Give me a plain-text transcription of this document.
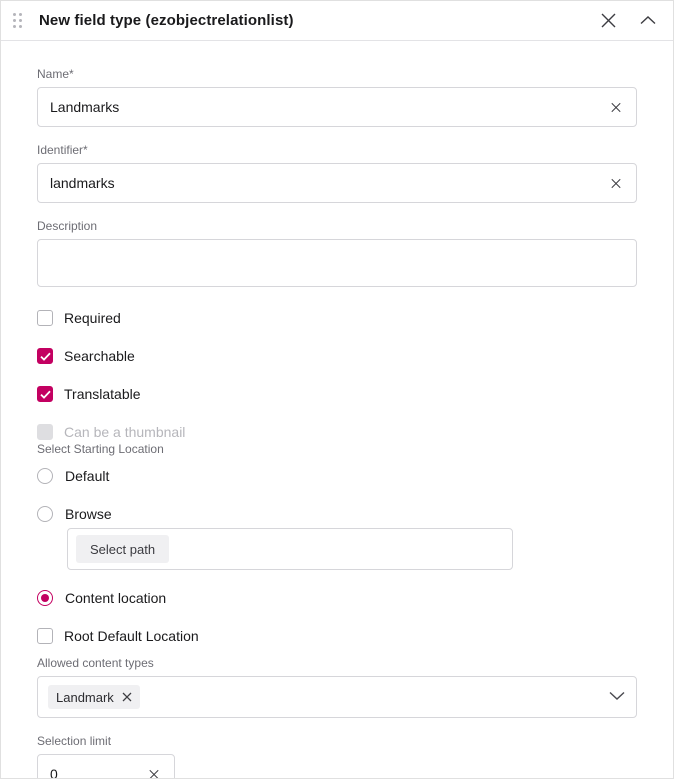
New field type (ezobjectrelationlist)
Name*
Landmarks
Identifier*
landmarks
Description
Required
Searchable
Translatable
Can be a thumbnail
Select Starting Location
Default
Browse
Select path
Content location
Root Default Location
Allowed content types
Landmark
Selection limit
0
